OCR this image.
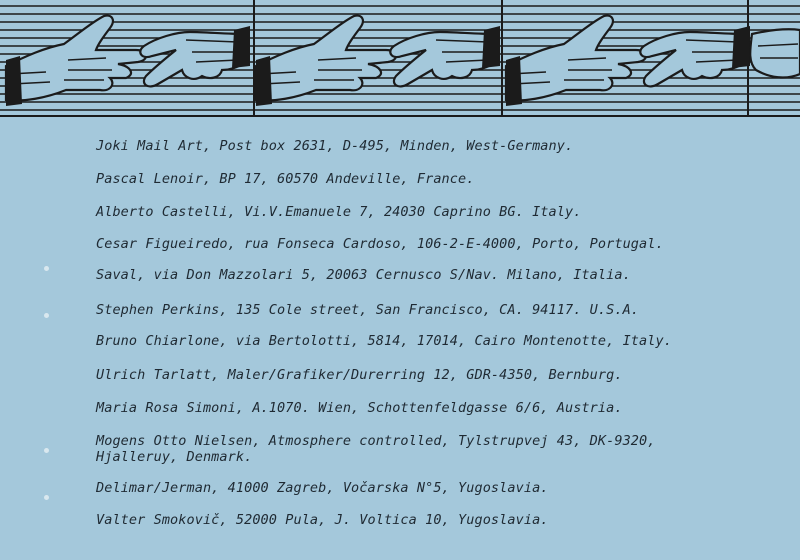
Joki Mail Art, Post box 2631, D-495, Minden, West-Germany.
Pascal Lenoir, BP 17, 60570 Andeville, France.
Alberto Castelli, Vi.V.Emanuele 7, 24030 Caprino BG. Italy.
Cesar Figueiredo, rua Fonseca Cardoso, 106-2-E-4000, Porto, Portugal.
Saval, via Don Mazzolari 5, 20063 Cernusco S/Nav. Milano, Italia.
Stephen Perkins, 135 Cole street, San Francisco, CA. 94117. U.S.A.
Bruno Chiarlone, via Bertolotti, 5814, 17014, Cairo Montenotte, Italy.
Ulrich Tarlatt, Maler/Grafiker/Durerring 12, GDR-4350, Bernburg.
Maria Rosa Simoni, A.1070. Wien, Schottenfeldgasse 6/6, Austria.
Mogens Otto Nielsen, Atmosphere controlled, Tylstrupvej 43, DK-9320, Hjalleruy, Denmark.
Delimar/Jerman, 41000 Zagreb, Vočarska N°5, Yugoslavia.
Valter Smokovič, 52000 Pula, J. Voltica 10, Yugoslavia.
